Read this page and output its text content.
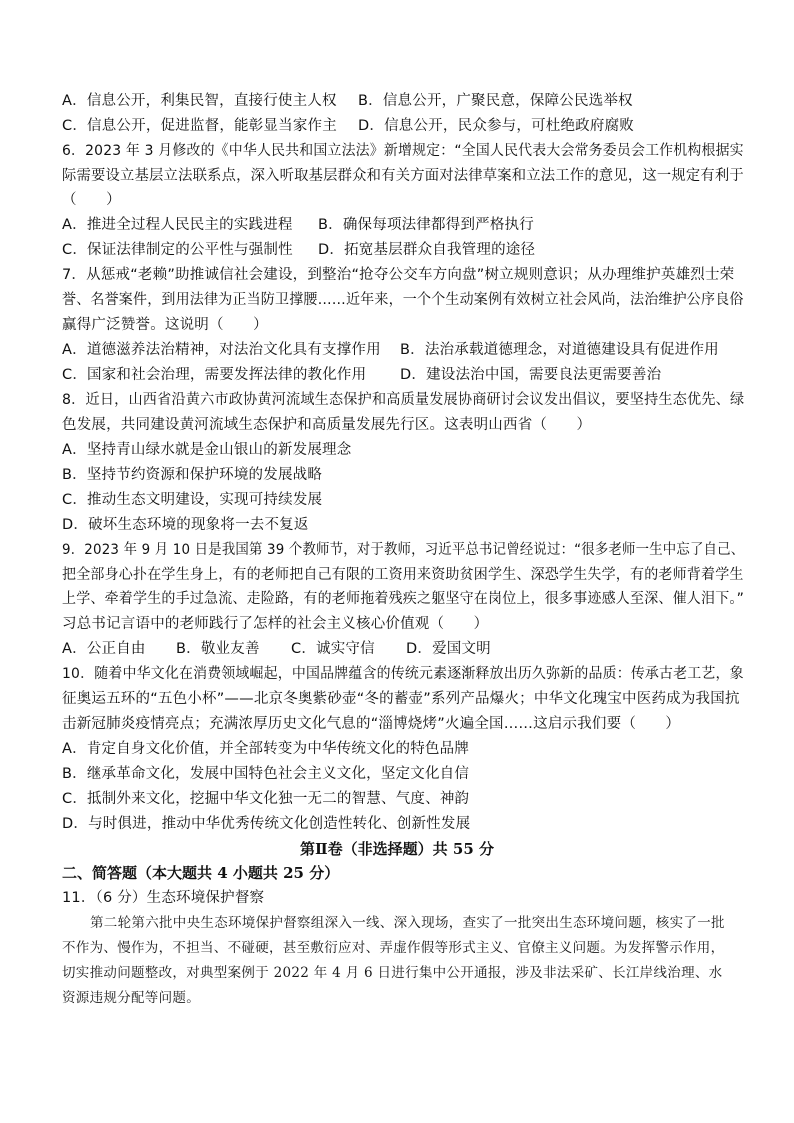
A．信息公开，利集民智，直接行使主人权 B．信息公开，广聚民意，保障公民选举权
C．信息公开，促进监督，能彰显当家作主 D．信息公开，民众参与，可杜绝政府腐败
6．2023 年 3 月修改的《中华人民共和国立法法》新增规定：“全国人民代表大会常务委员会工作机构根据实
际需要设立基层立法联系点，深入听取基层群众和有关方面对法律草案和立法工作的意见，这一规定有利于
（　　）
A．推进全过程人民民主的实践进程 B．确保每项法律都得到严格执行
C．保证法律制定的公平性与强制性 D．拓宽基层群众自我管理的途径
7．从惩戒“老赖”助推诚信社会建设，到整治“抢夺公交车方向盘”树立规则意识；从办理维护英雄烈士荣
誉、名誉案件，到用法律为正当防卫撑腰……近年来，一个个生动案例有效树立社会风尚，法治维护公序良俗
赢得广泛赞誉。这说明（　　）
A．道德滋养法治精神，对法治文化具有支撑作用 B．法治承载道德理念，对道德建设具有促进作用
C．国家和社会治理，需要发挥法律的教化作用 D．建设法治中国，需要良法更需要善治
8．近日，山西省沿黄六市政协黄河流域生态保护和高质量发展协商研讨会议发出倡议，要坚持生态优先、绿
色发展，共同建设黄河流域生态保护和高质量发展先行区。这表明山西省（　　）
A．坚持青山绿水就是金山银山的新发展理念
B．坚持节约资源和保护环境的发展战略
C．推动生态文明建设，实现可持续发展
D．破坏生态环境的现象将一去不复返
9．2023 年 9 月 10 日是我国第 39 个教师节，对于教师，习近平总书记曾经说过：“很多老师一生中忘了自己、
把全部身心扑在学生身上，有的老师把自己有限的工资用来资助贫困学生、深恐学生失学，有的老师背着学生
上学、牵着学生的手过急流、走险路，有的老师拖着残疾之躯坚守在岗位上，很多事迹感人至深、催人泪下。”
习总书记言语中的老师践行了怎样的社会主义核心价值观（　　）
A．公正自由 B．敬业友善 C．诚实守信 D．爱国文明
10．随着中华文化在消费领域崛起，中国品牌蕴含的传统元素逐渐释放出历久弥新的品质：传承古老工艺，象
征奥运五环的“五色小杯”——北京冬奥紫砂壶“冬的蓄壶”系列产品爆火；中华文化瑰宝中医药成为我国抗
击新冠肺炎疫情亮点；充满浓厚历史文化气息的“淄博烧烤”火遍全国……这启示我们要（　　）
A．肯定自身文化价值，并全部转变为中华传统文化的特色品牌
B．继承革命文化，发展中国特色社会主义文化，坚定文化自信
C．抵制外来文化，挖掘中华文化独一无二的智慧、气度、神韵
D．与时俱进，推动中华优秀传统文化创造性转化、创新性发展
第Ⅱ卷（非选择题）共 55 分
二、简答题（本大题共 4 小题共 25 分）
11．（6 分）生态环境保护督察
第二轮第六批中央生态环境保护督察组深入一线、深入现场，查实了一批突出生态环境问题，核实了一批不作为、慢作为，不担当、不碰硬，甚至敷衍应对、弄虚作假等形式主义、官僚主义问题。为发挥警示作用，切实推动问题整改，对典型案例于 2022 年 4 月 6 日进行集中公开通报，涉及非法采矿、长江岸线治理、水资源违规分配等问题。
